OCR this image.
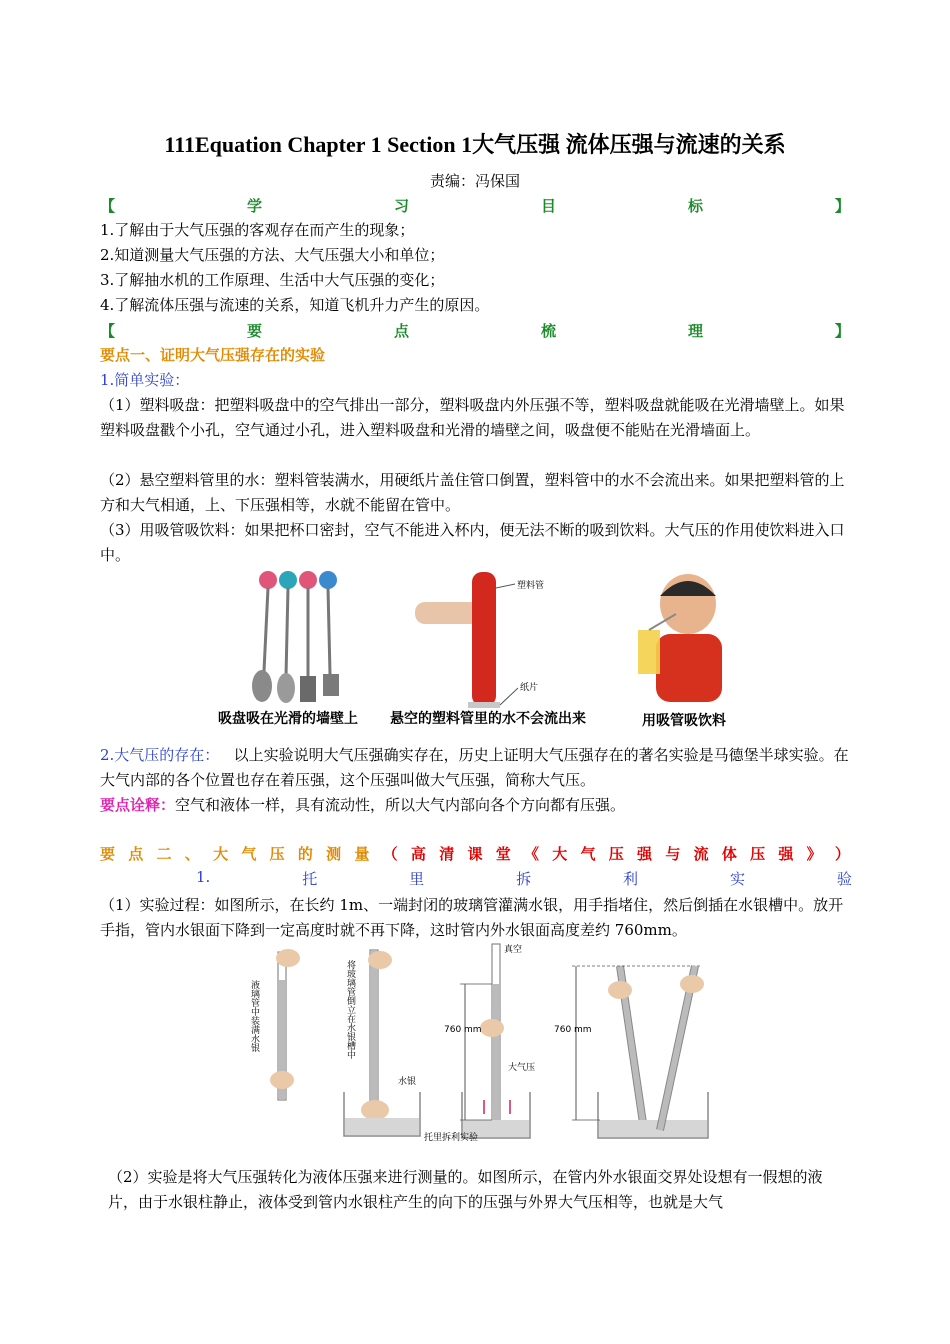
111Equation Chapter 1 Section 1大气压强 流体压强与流速的关系
责编：冯保国
【	学	习	目	标	】
1.了解由于大气压强的客观存在而产生的现象；
2.知道测量大气压强的方法、大气压强大小和单位；
3.了解抽水机的工作原理、生活中大气压强的变化；
4.了解流体压强与流速的关系，知道飞机升力产生的原因。
【	要	点	梳	理	】
要点一、证明大气压强存在的实验
1.简单实验：
（1）塑料吸盘：把塑料吸盘中的空气排出一部分，塑料吸盘内外压强不等，塑料吸盘就能吸在光滑墙壁上。如果塑料吸盘戳个小孔，空气通过小孔，进入塑料吸盘和光滑的墙壁之间，吸盘便不能贴在光滑墙面上。
（2）悬空塑料管里的水：塑料管装满水，用硬纸片盖住管口倒置，塑料管中的水不会流出来。如果把塑料管的上方和大气相通，上、下压强相等，水就不能留在管中。
（3）用吸管吸饮料：如果把杯口密封，空气不能进入杯内，便无法不断的吸到饮料。大气压的作用使饮料进入口中。
塑料管
纸片
吸盘吸在光滑的墙壁上 悬空的塑料管里的水不会流出来	用吸管吸饮料
2.大气压的存在： 以上实验说明大气压强确实存在，历史上证明大气压强存在的著名实验是马德堡半球实验。在大气内部的各个位置也存在着压强，这个压强叫做大气压强，简称大气压。
要点诠释：空气和液体一样，具有流动性，所以大气内部向各个方向都有压强。
要 点 二 、 大 气 压 的 测 量 （ 高 清 课 堂 《 大 气 压 强 与 流 体 压 强 》 ）
1.	托	里	拆	利	实	验
（1）实验过程：如图所示，在长约 1m、一端封闭的玻璃管灌满水银，用手指堵住，然后倒插在水银槽中。放开手指，管内水银面下降到一定高度时就不再下降，这时管内外水银面高度差约 760mm。
液璃管中装满水银	将玻璃管倒立在水银槽中
水银
真空
760 mm
大气压
760 mm
托里拆利实验
（2）实验是将大气压强转化为液体压强来进行测量的。如图所示，在管内外水银面交界处设想有一假想的液片，由于水银柱静止，液体受到管内水银柱产生的向下的压强与外界大气压相等，也就是大气
